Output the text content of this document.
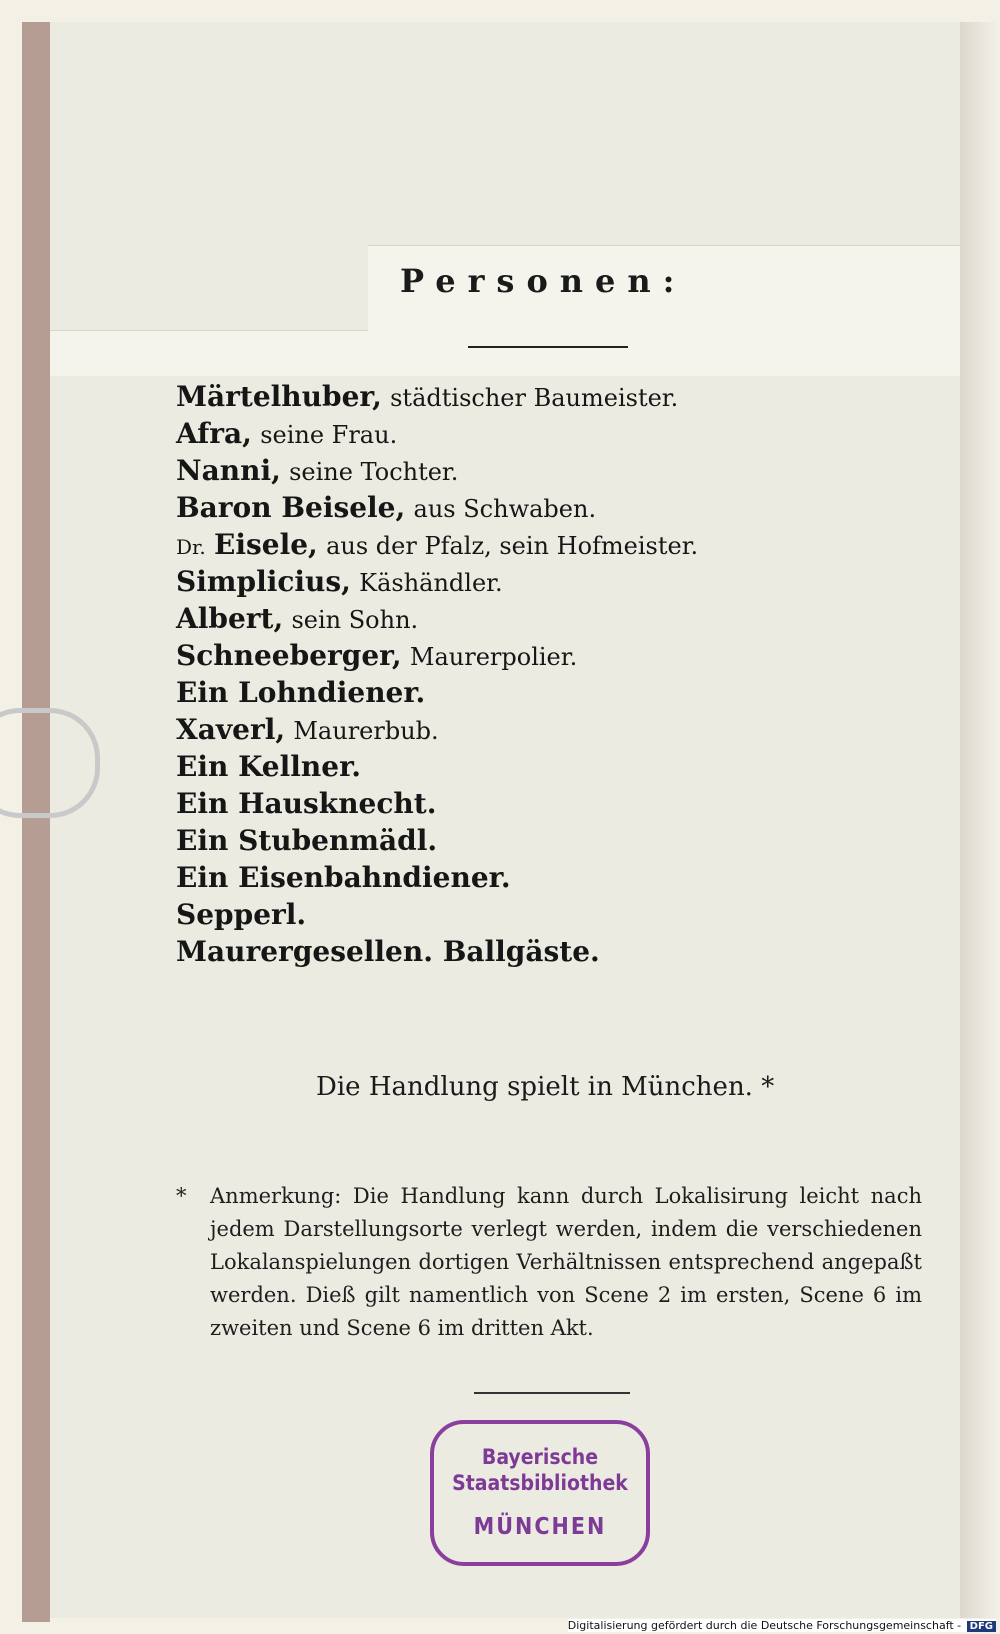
Personen:
Märtelhuber, städtischer Baumeister.
Afra, seine Frau.
Nanni, seine Tochter.
Baron Beisele, aus Schwaben.
Dr. Eisele, aus der Pfalz, sein Hofmeister.
Simplicius, Käshändler.
Albert, sein Sohn.
Schneeberger, Maurerpolier.
Ein Lohndiener.
Xaverl, Maurerbub.
Ein Kellner.
Ein Hausknecht.
Ein Stubenmädl.
Ein Eisenbahndiener.
Sepperl.
Maurergesellen. Ballgäste.
Die Handlung spielt in München. *
* Anmerkung: Die Handlung kann durch Lokalisirung leicht nach jedem Darstellungsorte verlegt werden, indem die verschiedenen Lokalanspielungen dortigen Verhältnissen entsprechend angepaßt werden. Dieß gilt namentlich von Scene 2 im ersten, Scene 6 im zweiten und Scene 6 im dritten Akt.
Bayerische
Staatsbibliothek
MÜNCHEN
Digitalisierung gefördert durch die Deutsche Forschungsgemeinschaft - DFG
